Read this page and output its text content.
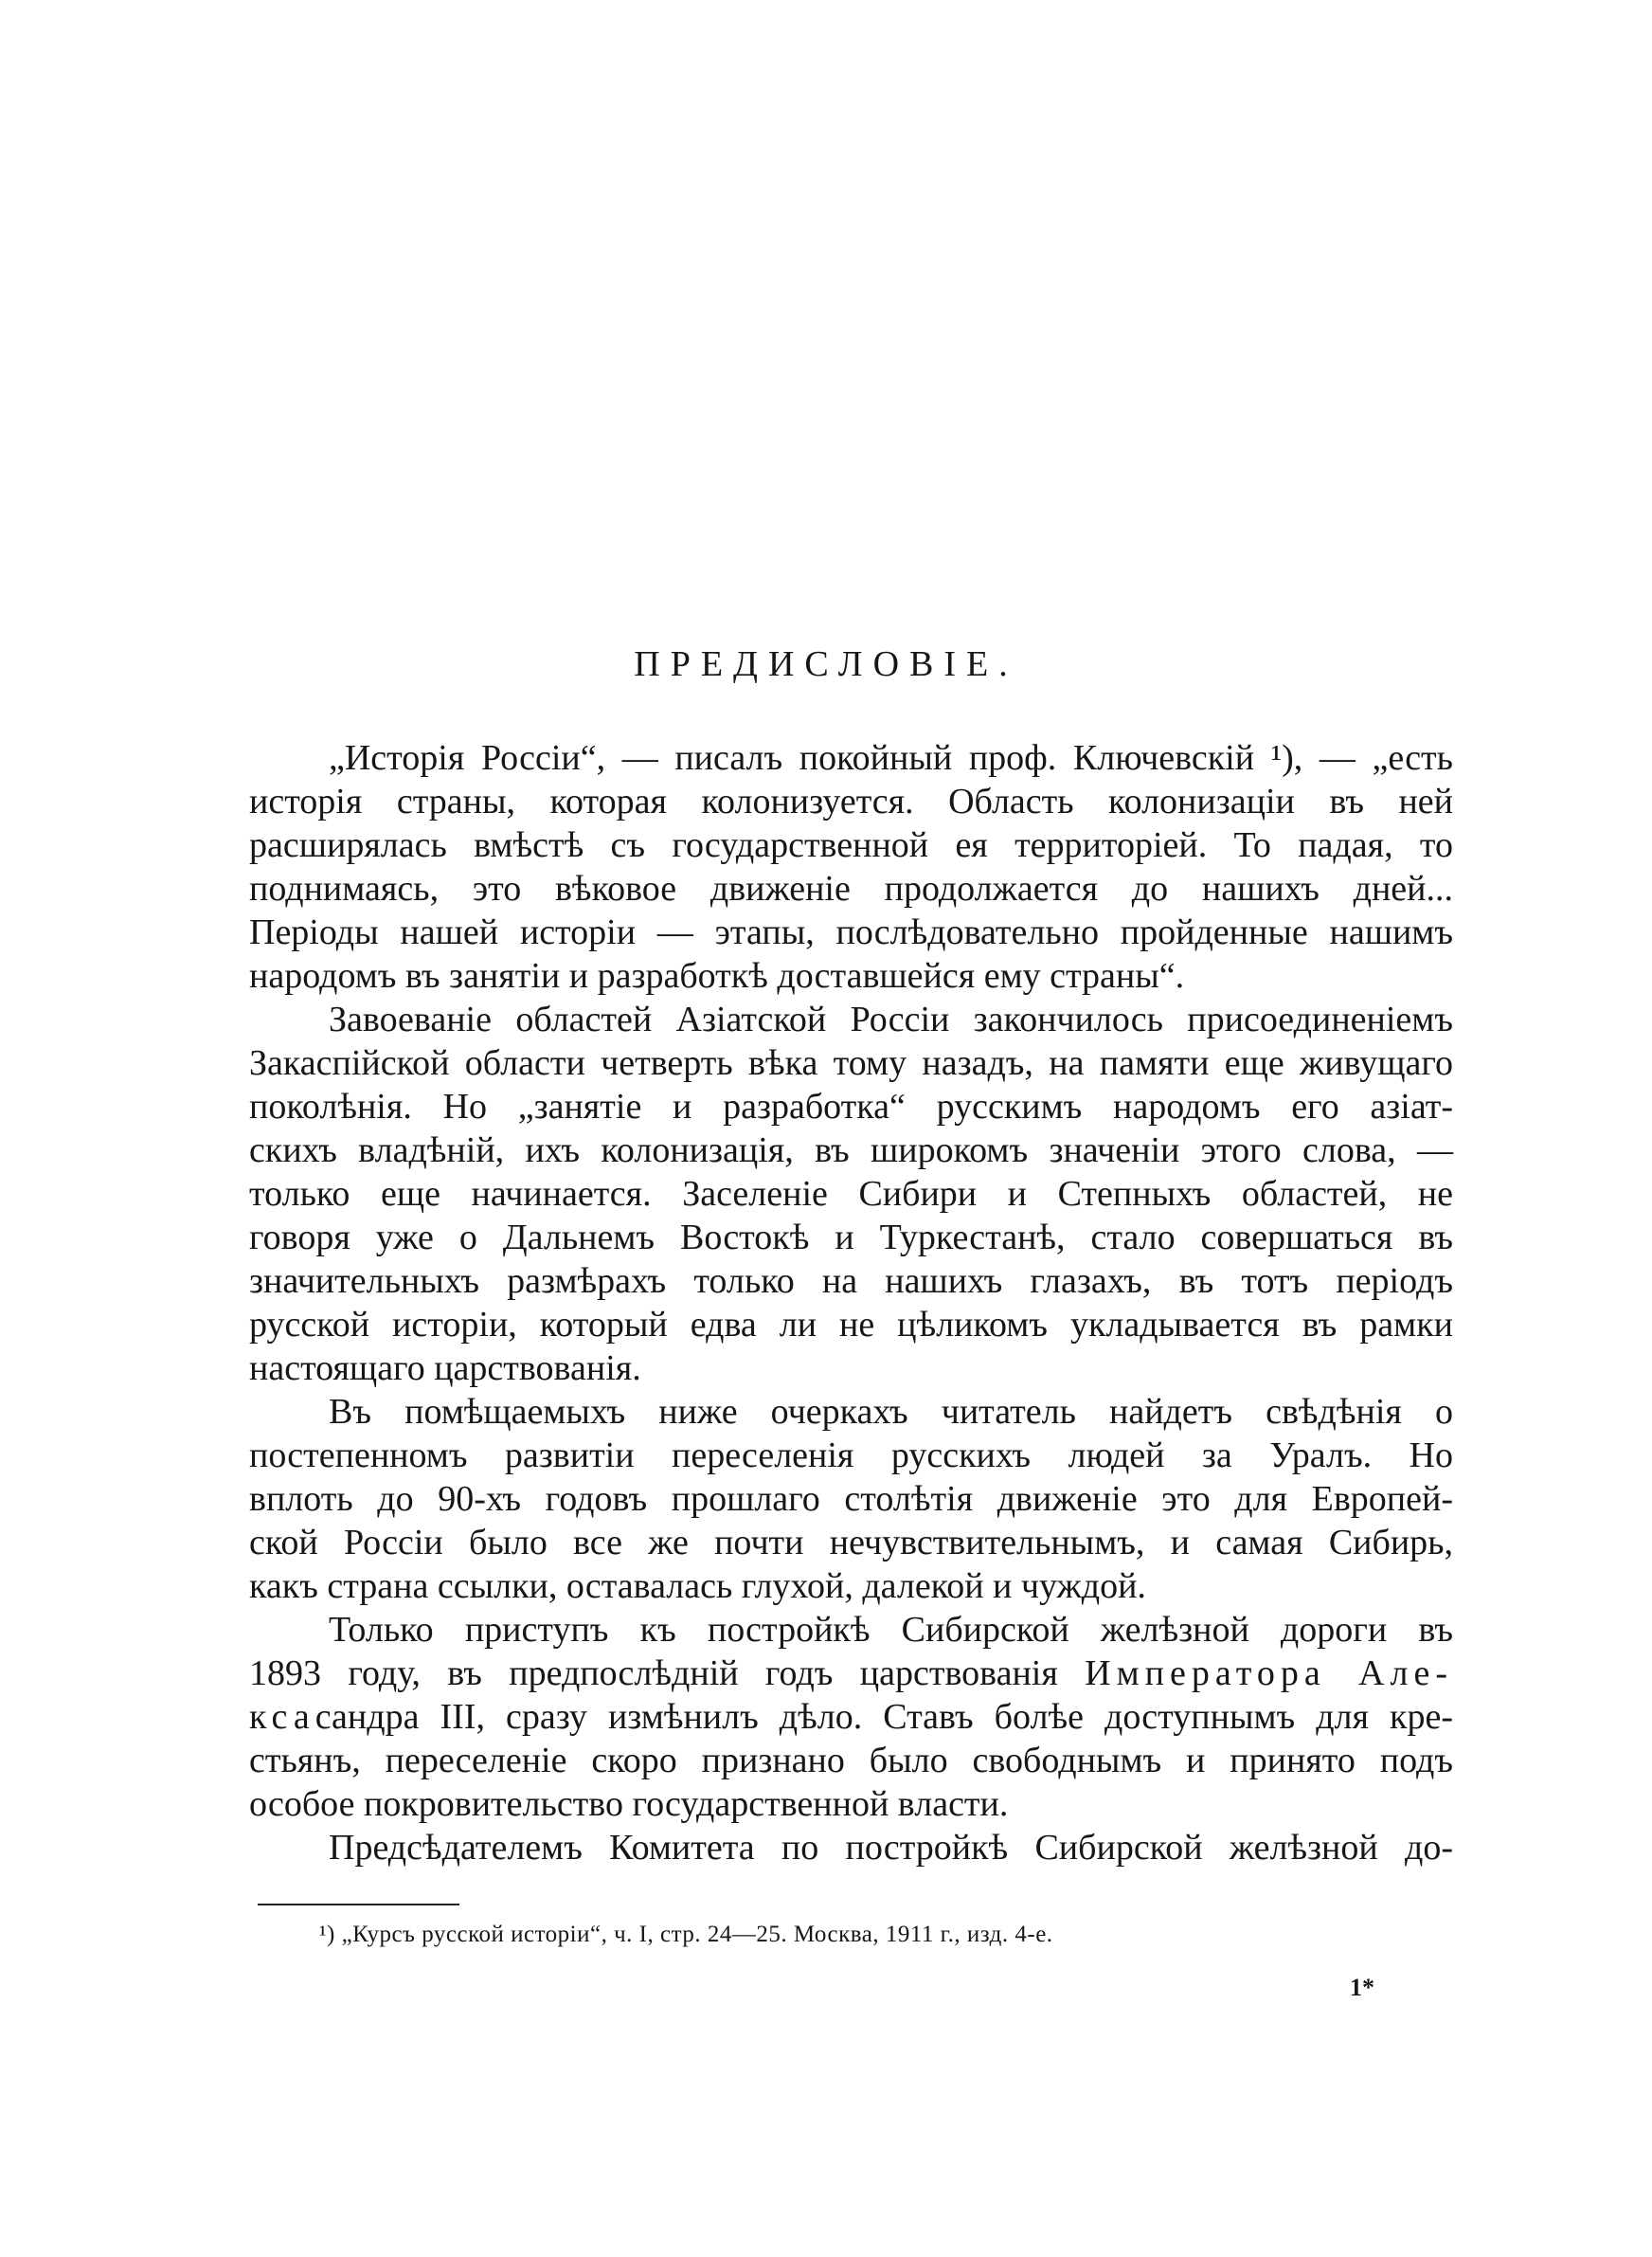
ПРЕДИСЛОВІЕ.
„Исторія Россіи“, — писалъ покойный проф. Ключевскій ¹), — „есть
исторія страны, которая колонизуется. Область колонизаціи въ ней
расширялась вмѣстѣ съ государственной ея территоріей. То падая, то
поднимаясь, это вѣковое движеніе продолжается до нашихъ дней...
Періоды нашей исторіи — этапы, послѣдовательно пройденные нашимъ
народомъ въ занятіи и разработкѣ доставшейся ему страны“.
Завоеваніе областей Азіатской Россіи закончилось присоединеніемъ
Закаспійской области четверть вѣка тому назадъ, на памяти еще живущаго
поколѣнія. Но „занятіе и разработка“ русскимъ народомъ его азіат-
скихъ владѣній, ихъ колонизація, въ широкомъ значеніи этого слова, —
только еще начинается. Заселеніе Сибири и Степныхъ областей, не
говоря уже о Дальнемъ Востокѣ и Туркестанѣ, стало совершаться въ
значительныхъ размѣрахъ только на нашихъ глазахъ, въ тотъ періодъ
русской исторіи, который едва ли не цѣликомъ укладывается въ рамки
настоящаго царствованія.
Въ помѣщаемыхъ ниже очеркахъ читатель найдетъ свѣдѣнія о
постепенномъ развитіи переселенія русскихъ людей за Уралъ. Но
вплоть до 90-хъ годовъ прошлаго столѣтія движеніе это для Европей-
ской Россіи было все же почти нечувствительнымъ, и самая Сибирь,
какъ страна ссылки, оставалась глухой, далекой и чуждой.
Только приступъ къ постройкѣ Сибирской желѣзной дороги въ
1893 году, въ предпослѣдній годъ царствованія Императора Але-
ксасандра III, сразу измѣнилъ дѣло. Ставъ болѣе доступнымъ для кре-
стьянъ, переселеніе скоро признано было свободнымъ и принято подъ
особое покровительство государственной власти.
Предсѣдателемъ Комитета по постройкѣ Сибирской желѣзной до-
¹) „Курсъ русской исторіи“, ч. I, стр. 24—25. Москва, 1911 г., изд. 4-е.
1*
